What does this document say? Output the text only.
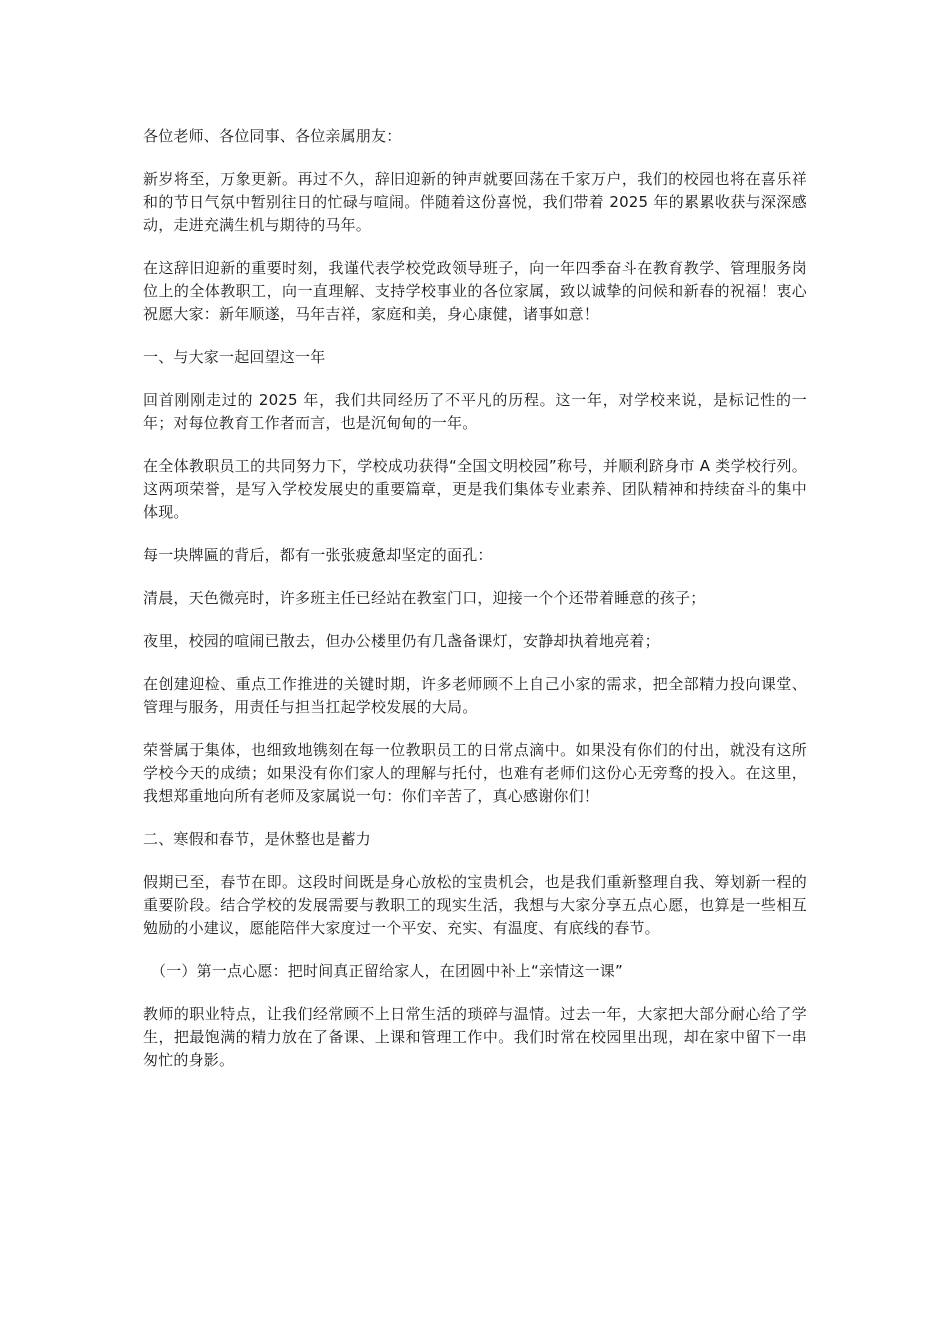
各位老师、各位同事、各位亲属朋友：

新岁将至，万象更新。再过不久，辞旧迎新的钟声就要回荡在千家万户，我们的校园也将在喜乐祥和的节日气氛中暂别往日的忙碌与喧闹。伴随着这份喜悦，我们带着 2025 年的累累收获与深深感动，走进充满生机与期待的马年。

在这辞旧迎新的重要时刻，我谨代表学校党政领导班子，向一年四季奋斗在教育教学、管理服务岗位上的全体教职工，向一直理解、支持学校事业的各位家属，致以诚挚的问候和新春的祝福！衷心祝愿大家：新年顺遂，马年吉祥，家庭和美，身心康健，诸事如意！

一、与大家一起回望这一年

回首刚刚走过的 2025 年，我们共同经历了不平凡的历程。这一年，对学校来说，是标记性的一年；对每位教育工作者而言，也是沉甸甸的一年。

在全体教职员工的共同努力下，学校成功获得“全国文明校园”称号，并顺利跻身市 A 类学校行列。这两项荣誉，是写入学校发展史的重要篇章，更是我们集体专业素养、团队精神和持续奋斗的集中体现。

每一块牌匾的背后，都有一张张疲惫却坚定的面孔：

清晨，天色微亮时，许多班主任已经站在教室门口，迎接一个个还带着睡意的孩子；

夜里，校园的喧闹已散去，但办公楼里仍有几盏备课灯，安静却执着地亮着；

在创建迎检、重点工作推进的关键时期，许多老师顾不上自己小家的需求，把全部精力投向课堂、管理与服务，用责任与担当扛起学校发展的大局。

荣誉属于集体，也细致地镌刻在每一位教职员工的日常点滴中。如果没有你们的付出，就没有这所学校今天的成绩；如果没有你们家人的理解与托付，也难有老师们这份心无旁骛的投入。在这里，我想郑重地向所有老师及家属说一句：你们辛苦了，真心感谢你们！

二、寒假和春节，是休整也是蓄力

假期已至，春节在即。这段时间既是身心放松的宝贵机会，也是我们重新整理自我、筹划新一程的重要阶段。结合学校的发展需要与教职工的现实生活，我想与大家分享五点心愿，也算是一些相互勉励的小建议，愿能陪伴大家度过一个平安、充实、有温度、有底线的春节。

（一）第一点心愿：把时间真正留给家人，在团圆中补上“亲情这一课”

教师的职业特点，让我们经常顾不上日常生活的琐碎与温情。过去一年，大家把大部分耐心给了学生，把最饱满的精力放在了备课、上课和管理工作中。我们时常在校园里出现，却在家中留下一串匆忙的身影。
